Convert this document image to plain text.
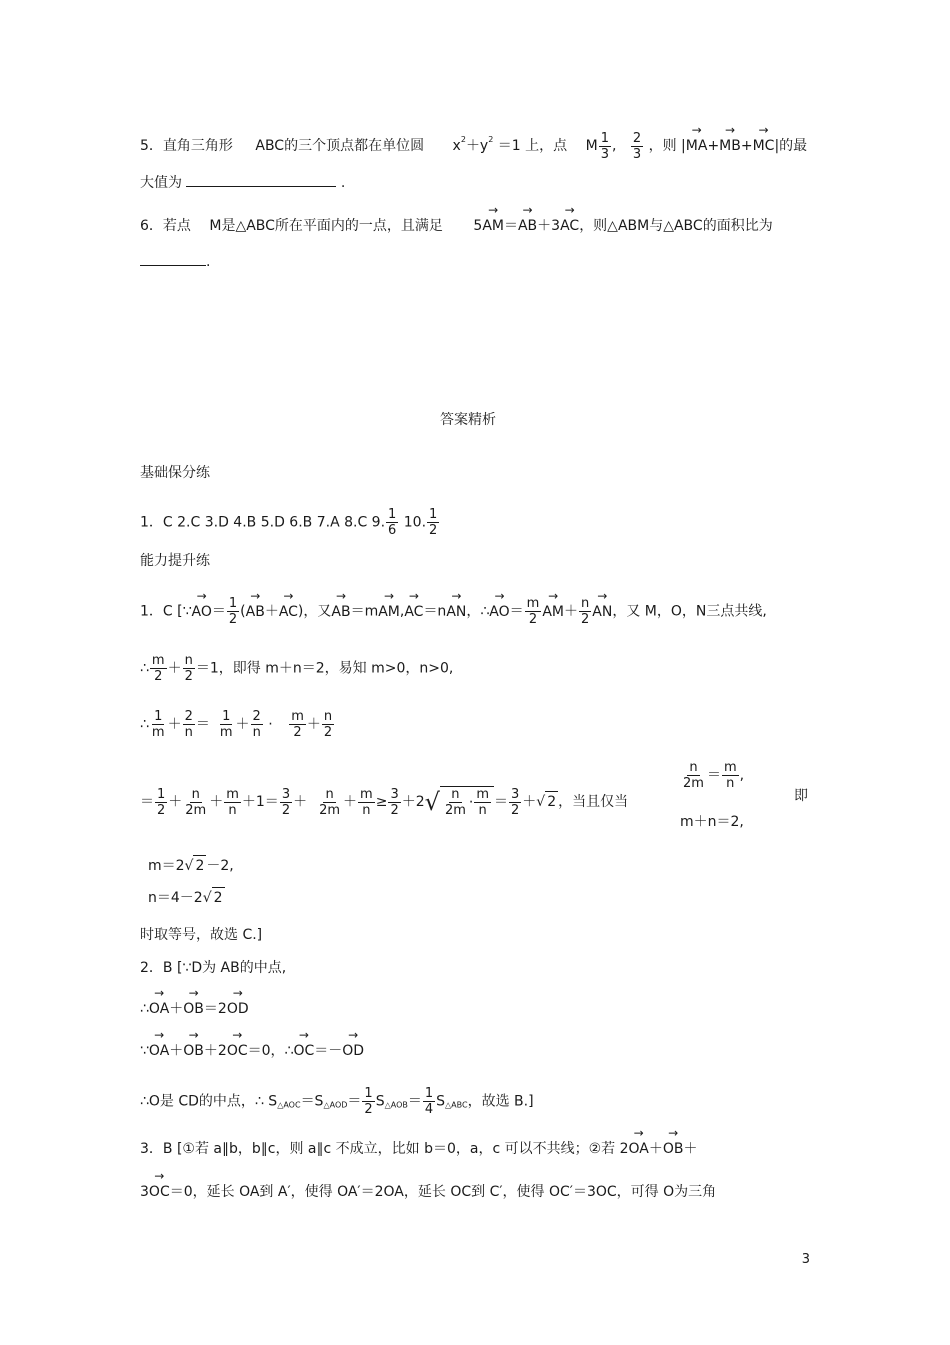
5．直角三角形 ABC的三个顶点都在单位圆 $x^2+y^2 =1$ 上，点 M $\frac{1}{3}$ , $\frac{2}{3}$ ，则 |→ MA+→ MB+→ MC|的最
大值为	.
6．若点 M是△ABC所在平面内的一点，且满足 5→ AM＝→ AB＋3→ AC，则△ABM与△ABC的面积比为
.
答案精析
基础保分练
1．C 2.C 3.D 4.B 5.D 6.B 7.A 8.C 9. $\frac{1}{6} 10$. $\frac{1}{2}$
能力提升练
1．C [∵→ $AO= \frac{1}{2}$ (→ AB＋→ AC)，又→ AB＝m→ AM,→ AC＝n→ AN，∴→ $AO= \frac{m}{2}$
→ $AM+ \frac{n}{2}$
→ AN，又 M，O，N三点共线,
∴ $\frac{m}{2} + \frac{n}{2} =1$，即得 m＋n＝2，易知 m>0，n>0,
∴ $\frac{1}{m} + \frac{2}{n} = \frac{1}{m} + \frac{2}{n} \cdot \frac{m}{2} + \frac{n}{2}$
＝ $\frac{1}{2} + \frac{n}{2m} + \frac{m}{n} +1= \frac{3}{2} + \frac{n}{2m} + \frac{m}{n} \ge \frac{3}{2} +2√ \frac{n}{2m} \cdot \frac{m}{n} = \frac{3}{2}$ ＋√ 2 ，当且仅当
$\frac{n}{2m} = \frac{m}{n}$ ,
m＋n＝2,
即
m＝2√ 2 －2,
n＝4－2√ 2
时取等号，故选 C.]
2．B [∵D为 AB的中点,
∴→ OA＋→ OB＝2→ OD
∵→ OA＋→ OB＋2→ OC＝0，∴→ OC＝－→ OD
∴O是 CD的中点，∴ $S_{\triangle AOC}=S_{\triangle AOD}= \frac{1}{2} S_{\triangle AOB}= \frac{1}{4} S_{\triangle ABC}$，故选 B.]
3．B [①若 a∥b，b∥c，则 a∥c 不成立，比如 b＝0，a，c 可以不共线；②若 2→ OA＋→ OB＋
3→ OC＝0，延长 OA到 A′，使得 OA′＝2OA，延长 OC到 C′，使得 OC′＝3OC，可得 O为三角
3
